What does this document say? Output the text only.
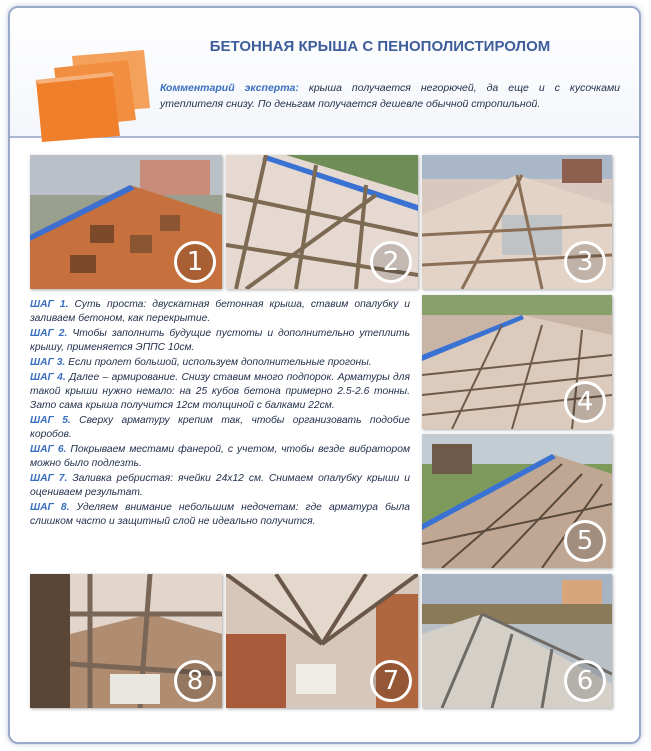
БЕТОННАЯ КРЫША С ПЕНОПОЛИСТИРОЛОМ
Комментарий эксперта: крыша получается негорючей, да еще и с кусочками утеплителя снизу. По деньгам получается дешевле обычной стропильной.
1	2	3

ШАГ 1. Суть проста: двускатная бетонная крыша, ставим опалубку и заливаем бетоном, как перекрытие.

ШАГ 2. Чтобы заполнить будущие пустоты и дополнительно утеплить крышу, применяется ЭППС 10см.

ШАГ 3. Если пролет большой, используем дополнительные прогоны.

ШАГ 4. Далее – армирование. Снизу ставим много подпорок. Арматуры для такой крыши нужно немало: на 25 кубов бетона примерно 2.5-2.6 тонны. Зато сама крыша получится 12см толщиной с балками 22см.

ШАГ 5. Сверху арматуру крепим так, чтобы организовать подобие коробов.

ШАГ 6. Покрываем местами фанерой, с учетом, чтобы везде вибратором можно было подлезть.

ШАГ 7. Заливка ребристая: ячейки 24х12 см. Снимаем опалубку крыши и оцениваем результат.

ШАГ 8. Уделяем внимание небольшим недочетам: где арматура была слишком часто и защитный слой не идеально получится.

4
5
8	7	6
